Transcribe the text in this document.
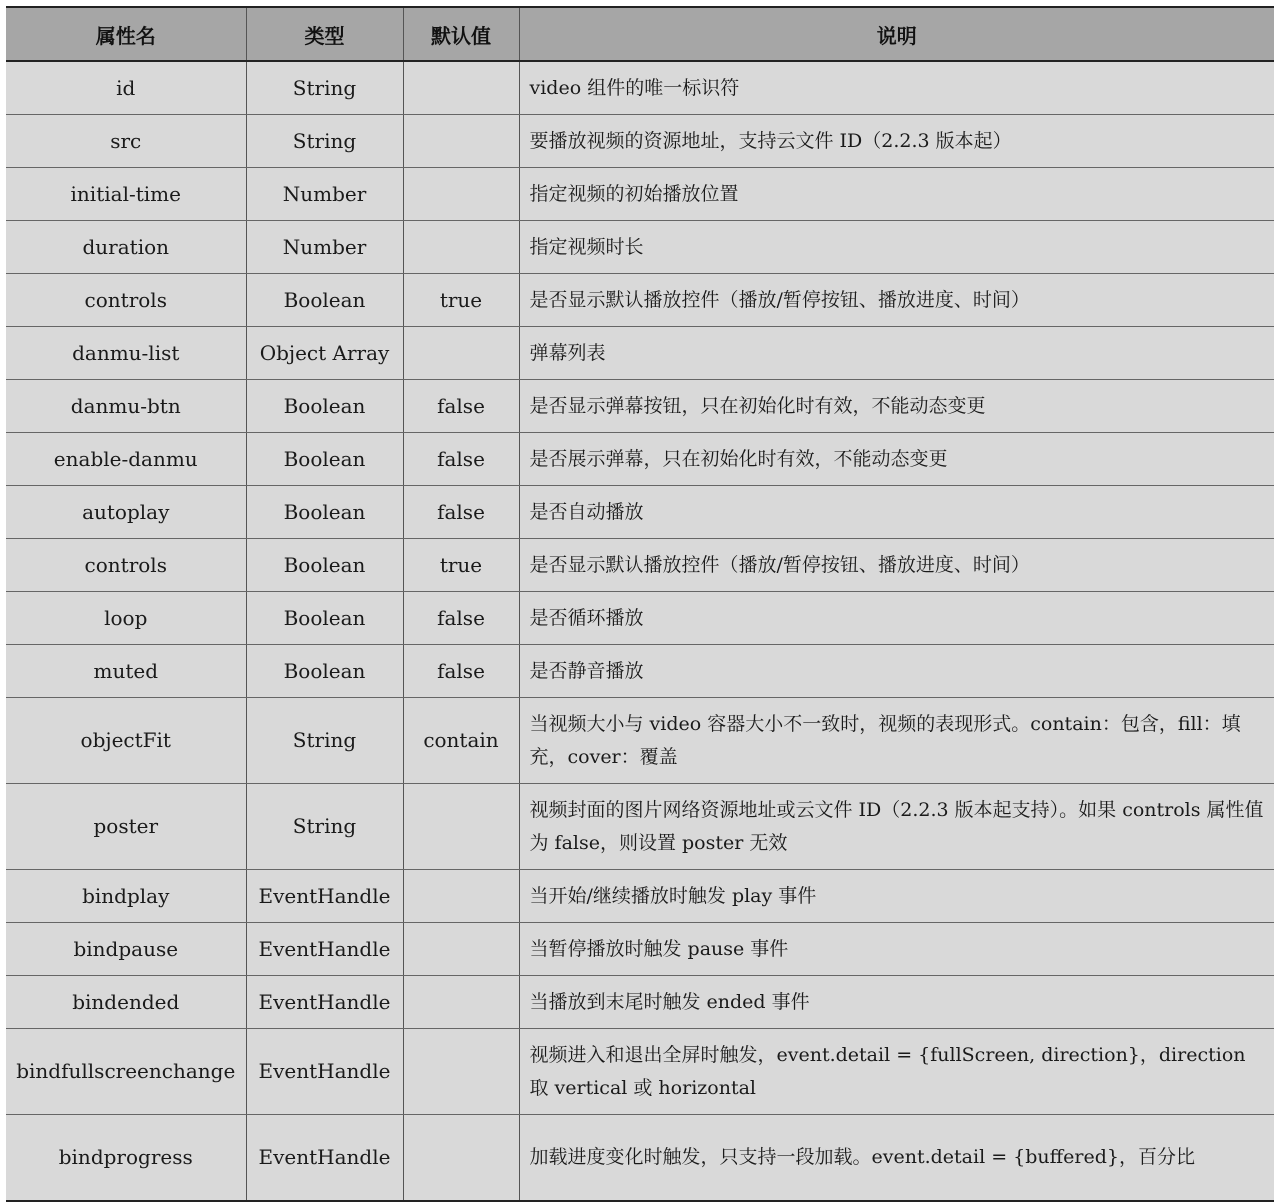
属性名	类型	默认值	说明
id	String		video 组件的唯一标识符
src	String		要播放视频的资源地址，支持云文件 ID（2.2.3 版本起）
initial-time	Number		指定视频的初始播放位置
duration	Number		指定视频时长
controls	Boolean	true	是否显示默认播放控件（播放/暂停按钮、播放进度、时间）
danmu-list	Object Array		弹幕列表
danmu-btn	Boolean	false	是否显示弹幕按钮，只在初始化时有效，不能动态变更
enable-danmu	Boolean	false	是否展示弹幕，只在初始化时有效，不能动态变更
autoplay	Boolean	false	是否自动播放
controls	Boolean	true	是否显示默认播放控件（播放/暂停按钮、播放进度、时间）
loop	Boolean	false	是否循环播放
muted	Boolean	false	是否静音播放
objectFit	String	contain	当视频大小与 video 容器大小不一致时，视频的表现形式。contain：包含，fill：填充，cover：覆盖
poster	String		视频封面的图片网络资源地址或云文件 ID（2.2.3 版本起支持）。如果 controls 属性值为 false，则设置 poster 无效
bindplay	EventHandle		当开始/继续播放时触发 play 事件
bindpause	EventHandle		当暂停播放时触发 pause 事件
bindended	EventHandle		当播放到末尾时触发 ended 事件
bindfullscreenchange	EventHandle		视频进入和退出全屏时触发，event.detail = {fullScreen, direction}，direction 取 vertical 或 horizontal
bindprogress	EventHandle		加载进度变化时触发，只支持一段加载。event.detail = {buffered}，百分比
